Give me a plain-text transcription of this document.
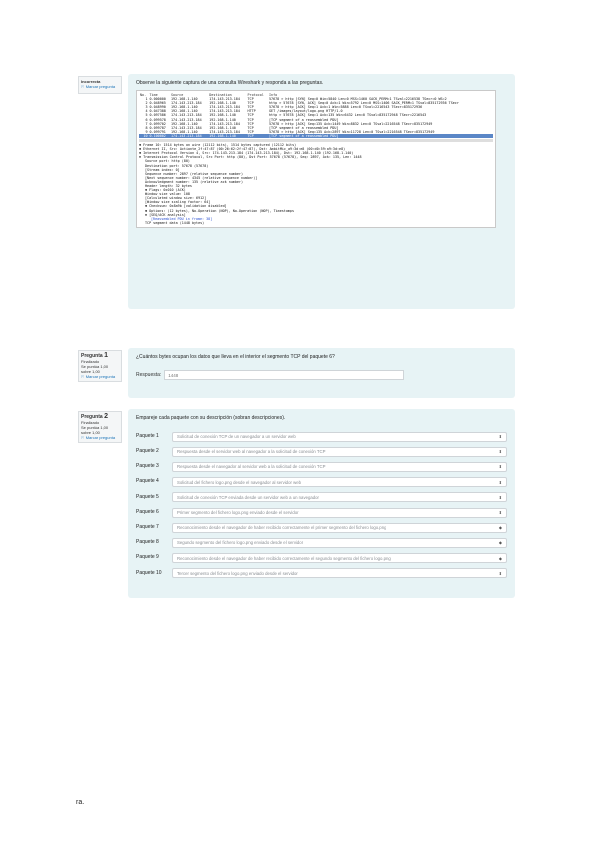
Incorrecta
⚐ Marcar pregunta
Observe la siguiente captura de una consulta Wireshark y responda a las preguntas.
No.	Time	Source	Destination	Protocol	Info
1	0.000000	192.168.1.140	174.143.213.184	TCP	57678 > http [SYN] Seq=0 Win=5840 Len=0 MSS=1460 SACK_PERM=1 TSval=2216538 TSecr=0 WS=2
2	0.048965	174.143.213.184	192.168.1.140	TCP	http > 57678 [SYN, ACK] Seq=0 Ack=1 Win=5792 Len=0 MSS=1406 SACK_PERM=1 TSval=835172936 TSecr
3	0.048990	192.168.1.140	174.143.213.184	TCP	57678 > http [ACK] Seq=1 Ack=1 Win=5888 Len=0 TSval=2216543 TSecr=835172936
4	0.047388	192.168.1.140	174.143.213.184	HTTP	GET /images/layout/logo.png HTTP/1.0
5	0.097586	174.143.213.184	192.168.1.140	TCP	http > 57678 [ACK] Seq=1 Ack=135 Win=6432 Len=0 TSval=835172948 TSecr=2216543
6	0.099578	174.143.213.184	192.168.1.140	TCP	[TCP segment of a reassembled PDU]
7	0.099702	192.168.1.140	174.143.213.184	TCP	57678 > http [ACK] Seq=135 Ack=1449 Win=8832 Len=0 TSval=2216548 TSecr=835172949
8	0.099787	174.143.213.184	192.168.1.140	TCP	[TCP segment of a reassembled PDU]
9	0.099791	192.168.1.140	174.143.213.184	TCP	57678 > http [ACK] Seq=135 Ack=2897 Win=11728 Len=0 TSval=2216548 TSecr=835172949
10	0.100002	174.143.213.184	192.168.1.140	TCP	[TCP segment of a reassembled PDU]
⊞ Frame 10: 1514 bytes on wire (12112 bits), 1514 bytes captured (12112 bits)
⊞ Ethernet II, Src: Actionte_2f:47:87 (00:26:62:2f:47:87), Dst: AmbitMic_a9:3d:e8 (00:d0:59:a9:3d:e8)
⊞ Internet Protocol Version 4, Src: 174.143.213.184 (174.143.213.184), Dst: 192.168.1.140 (192.168.1.140)
⊟ Transmission Control Protocol, Src Port: http (80), Dst Port: 57678 (57678), Seq: 2897, Ack: 135, Len: 1448
Source port: http (80)
Destination port: 57678 (57678)
[Stream index: 0]
Sequence number: 2897 (relative sequence number)
[Next sequence number: 4345 (relative sequence number)]
Acknowledgment number: 135 (relative ack number)
Header length: 32 bytes
⊞ Flags: 0x010 (ACK)
Window size value: 108
[Calculated window size: 6912]
[Window size scaling factor: 64]
⊞ Checksum: 0x8a9b [validation disabled]
⊞ Options: (12 bytes), No-Operation (NOP), No-Operation (NOP), Timestamps
⊟ [SEQ/ACK analysis]
[Reassembled PDU in frame: 38]
TCP segment data (1448 bytes)
Pregunta 1
Finalizado
Se puntúa 1,00 sobre 1,00
⚐ Marcar pregunta
¿Cuántos bytes ocupan los datos que lleva en el interior el segmento TCP del paquete 6?
Respuesta:	1448
Pregunta 2
Finalizado
Se puntúa 1,00 sobre 1,00
⚐ Marcar pregunta
Empareje cada paquete con su descripción (sobran descripciones).
Paquete 1	Solicitud de conexión TCP de un navegador a un servidor web	⬍
Paquete 2	Respuesta desde el servidor web al navegador a la solicitud de conexión TCP	⬍
Paquete 3	Respuesta desde el navegador al servidor web a la solicitud de conexión TCP	⬍
Paquete 4	Solicitud del fichero logo.png desde el navegador al servidor web	⬍
Paquete 5	Solicitud de conexión TCP enviada desde un servidor web a un navegador	⬍
Paquete 6	Primer segmento del fichero logo.png enviado desde el servidor	⬍
Paquete 7	Reconocimiento desde el navegador de haber recibido correctamente el primer segmento del fichero logo.png	◆
Paquete 8	Segundo segmento del fichero logo.png enviado desde el servidor	◆
Paquete 9	Reconocimiento desde el navegador de haber recibido correctamente el segundo segmento del fichero logo.png	◆
Paquete 10	Tercer segmento del fichero logo.png enviado desde el servidor	⬍
ra.
